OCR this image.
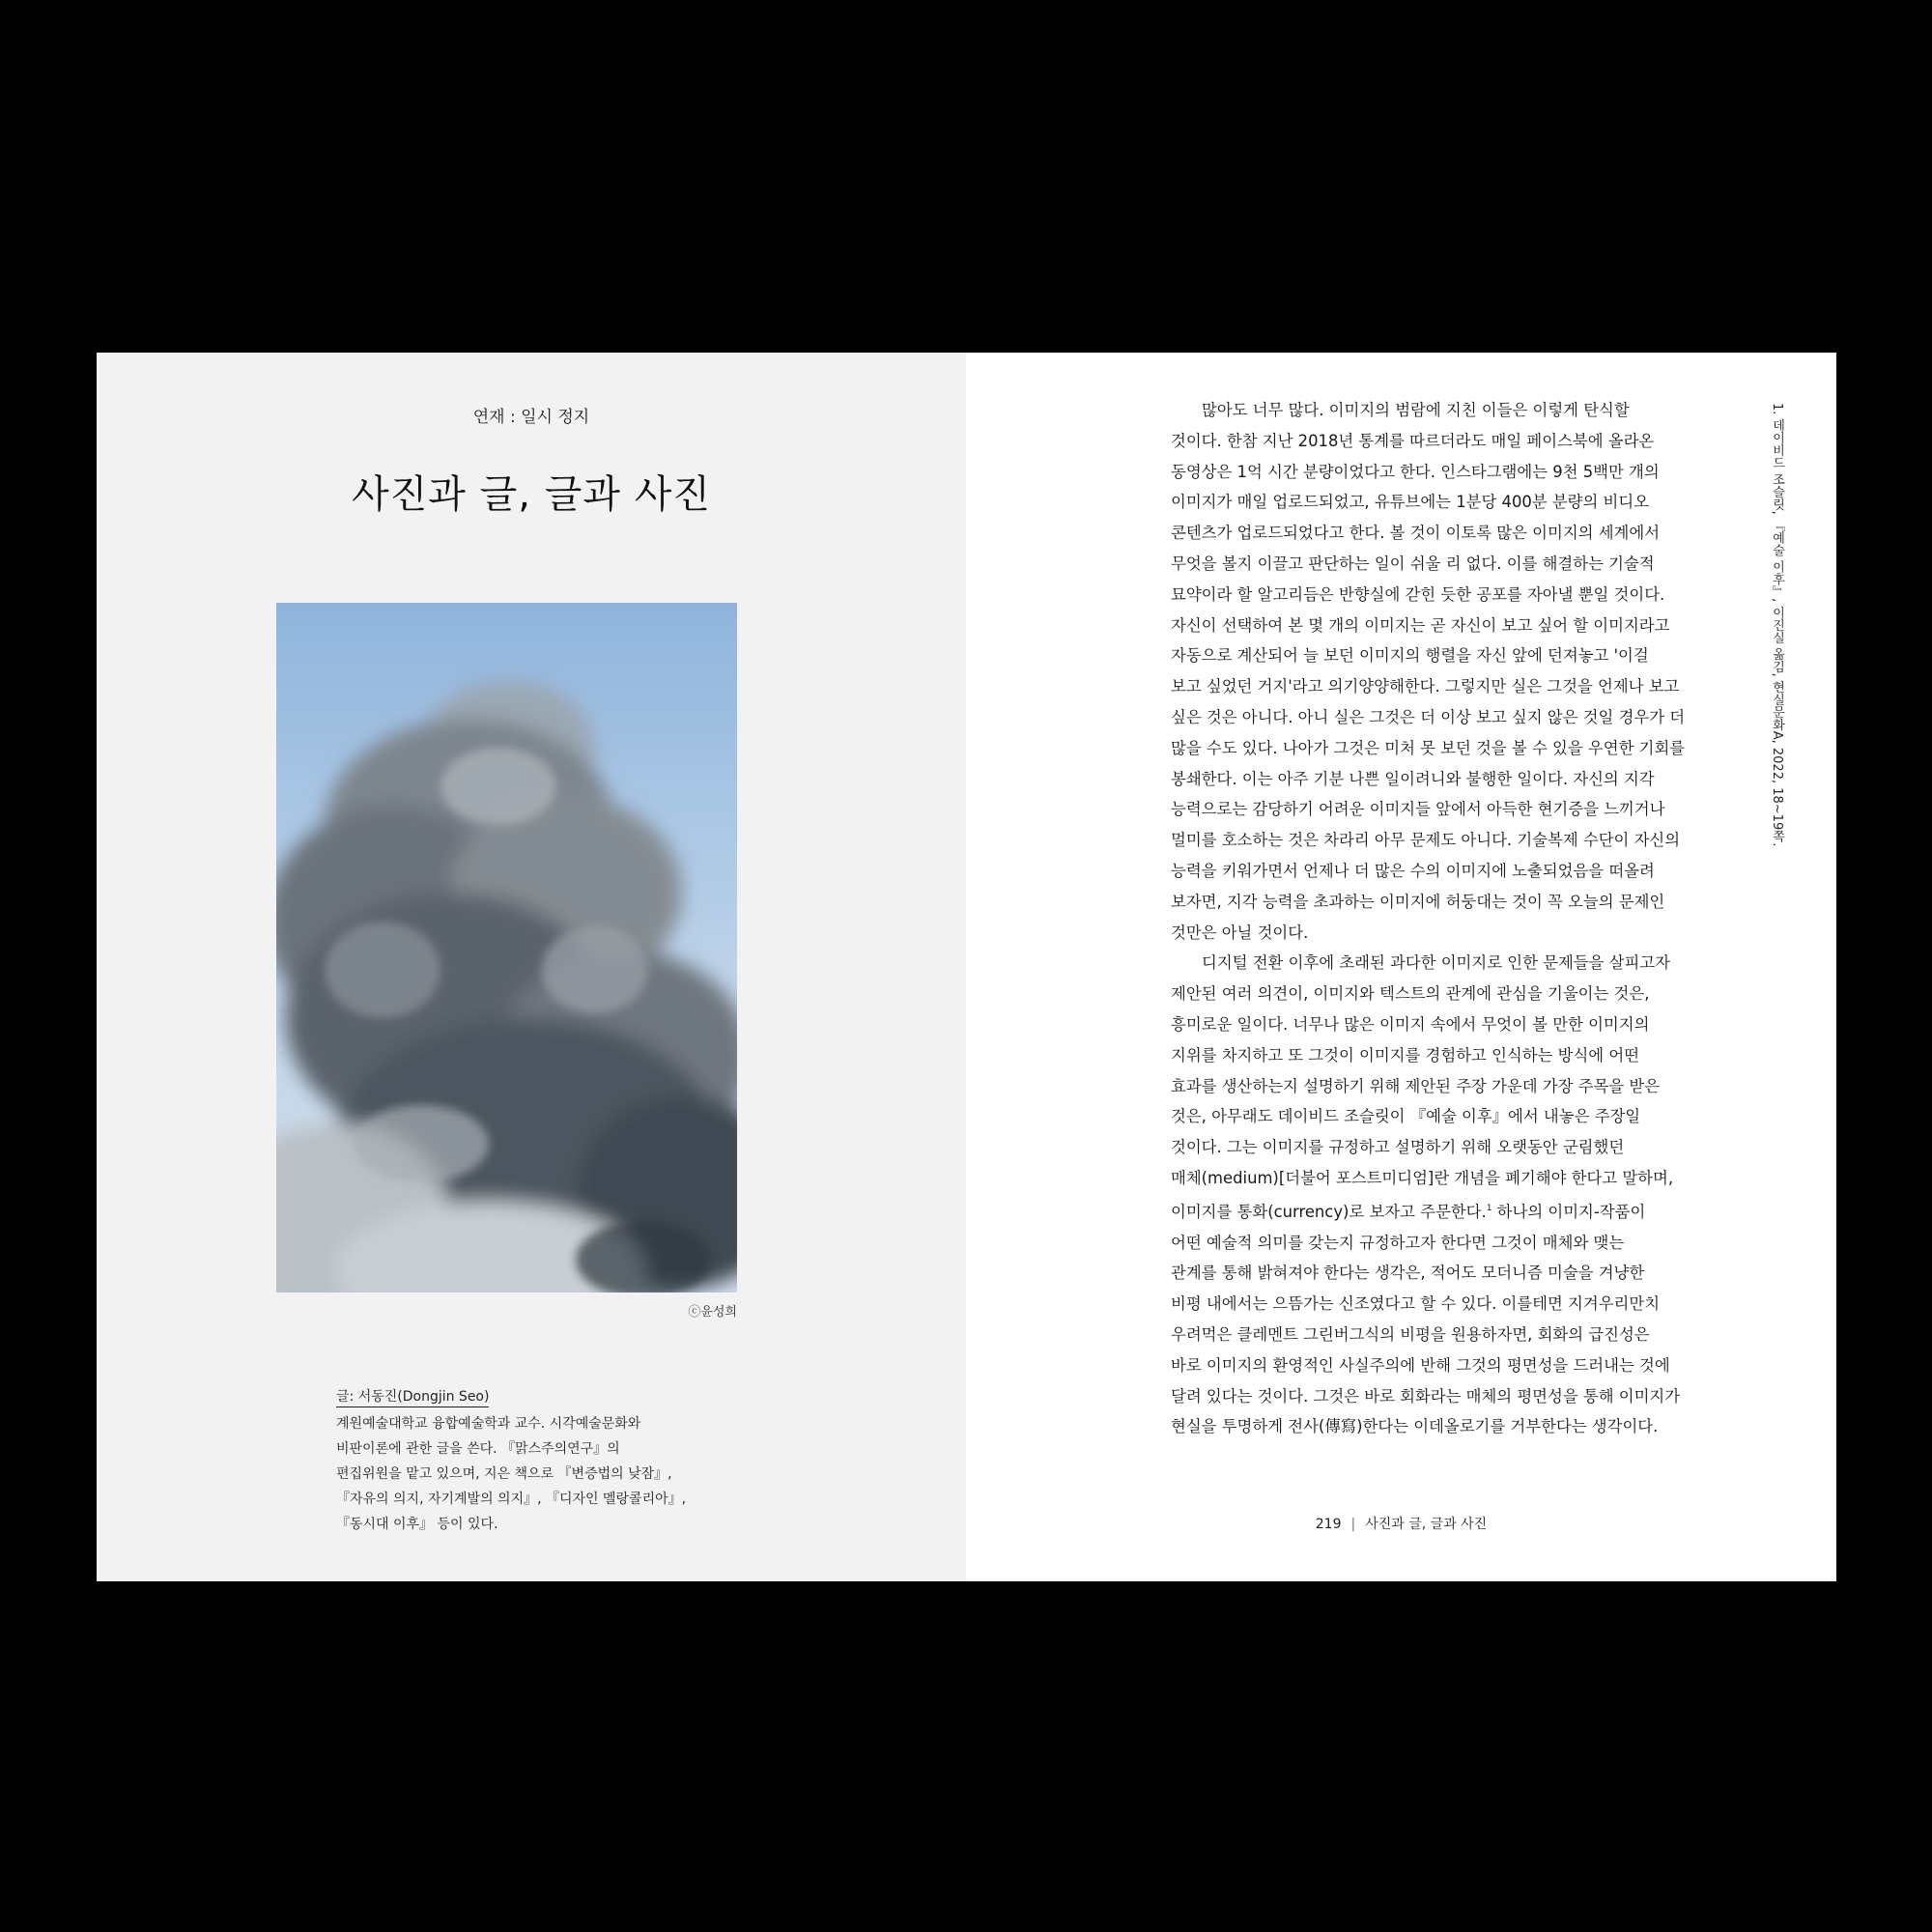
연재 : 일시 정지
사진과 글, 글과 사진
ⓒ윤성희
글: 서동진(Dongjin Seo)
계원예술대학교 융합예술학과 교수. 시각예술문화와
비판이론에 관한 글을 쓴다. 『맑스주의연구』의
편집위원을 맡고 있으며, 지은 책으로 『변증법의 낮잠』,
『자유의 의지, 자기계발의 의지』, 『디자인 멜랑콜리아』,
『동시대 이후』 등이 있다.
많아도 너무 많다. 이미지의 범람에 지친 이들은 이렇게 탄식할
것이다. 한참 지난 2018년 통계를 따르더라도 매일 페이스북에 올라온
동영상은 1억 시간 분량이었다고 한다. 인스타그램에는 9천 5백만 개의
이미지가 매일 업로드되었고, 유튜브에는 1분당 400분 분량의 비디오
콘텐츠가 업로드되었다고 한다. 볼 것이 이토록 많은 이미지의 세계에서
무엇을 볼지 이끌고 판단하는 일이 쉬울 리 없다. 이를 해결하는 기술적
묘약이라 할 알고리듬은 반향실에 갇힌 듯한 공포를 자아낼 뿐일 것이다.
자신이 선택하여 본 몇 개의 이미지는 곧 자신이 보고 싶어 할 이미지라고
자동으로 계산되어 늘 보던 이미지의 행렬을 자신 앞에 던져놓고 '이걸
보고 싶었던 거지'라고 의기양양해한다. 그렇지만 실은 그것을 언제나 보고
싶은 것은 아니다. 아니 실은 그것은 더 이상 보고 싶지 않은 것일 경우가 더
많을 수도 있다. 나아가 그것은 미처 못 보던 것을 볼 수 있을 우연한 기회를
봉쇄한다. 이는 아주 기분 나쁜 일이려니와 불행한 일이다. 자신의 지각
능력으로는 감당하기 어려운 이미지들 앞에서 아득한 현기증을 느끼거나
멀미를 호소하는 것은 차라리 아무 문제도 아니다. 기술복제 수단이 자신의
능력을 키워가면서 언제나 더 많은 수의 이미지에 노출되었음을 떠올려
보자면, 지각 능력을 초과하는 이미지에 허둥대는 것이 꼭 오늘의 문제인
것만은 아닐 것이다.
디지털 전환 이후에 초래된 과다한 이미지로 인한 문제들을 살피고자
제안된 여러 의견이, 이미지와 텍스트의 관계에 관심을 기울이는 것은,
흥미로운 일이다. 너무나 많은 이미지 속에서 무엇이 볼 만한 이미지의
지위를 차지하고 또 그것이 이미지를 경험하고 인식하는 방식에 어떤
효과를 생산하는지 설명하기 위해 제안된 주장 가운데 가장 주목을 받은
것은, 아무래도 데이비드 조슬릿이 『예술 이후』에서 내놓은 주장일
것이다. 그는 이미지를 규정하고 설명하기 위해 오랫동안 군림했던
매체(medium)[더불어 포스트미디엄]란 개념을 폐기해야 한다고 말하며,
이미지를 통화(currency)로 보자고 주문한다.$^1$ 하나의 이미지-작품이
어떤 예술적 의미를 갖는지 규정하고자 한다면 그것이 매체와 맺는
관계를 통해 밝혀져야 한다는 생각은, 적어도 모더니즘 미술을 겨냥한
비평 내에서는 으뜸가는 신조였다고 할 수 있다. 이를테면 지겨우리만치
우려먹은 클레멘트 그린버그식의 비평을 원용하자면, 회화의 급진성은
바로 이미지의 환영적인 사실주의에 반해 그것의 평면성을 드러내는 것에
달려 있다는 것이다. 그것은 바로 회화라는 매체의 평면성을 통해 이미지가
현실을 투명하게 전사(傳寫)한다는 이데올로기를 거부한다는 생각이다.
1. 데이비드 조슬릿, 『예술 이후』, 이진실 옮김, 현실문화A, 2022, 18~19쪽.
219 | 사진과 글, 글과 사진
